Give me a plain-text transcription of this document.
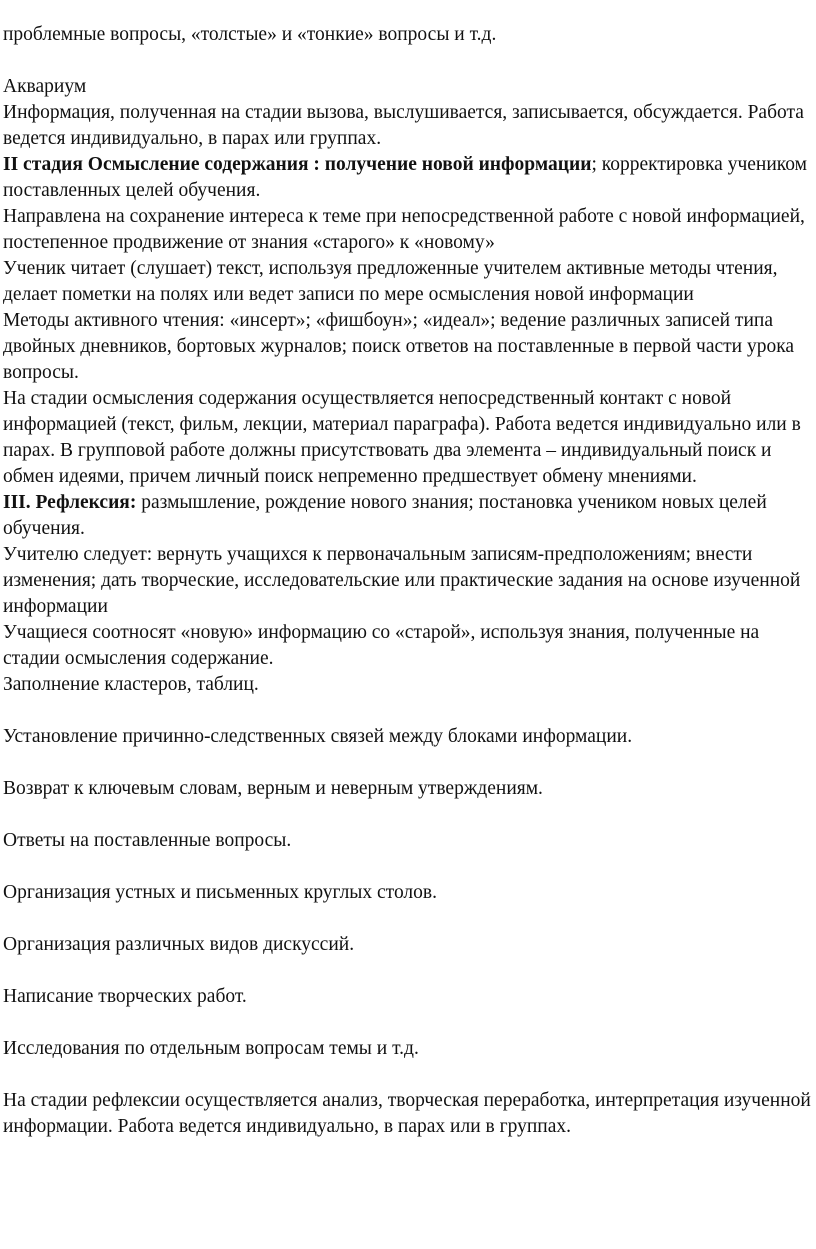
проблемные вопросы, «толстые» и «тонкие» вопросы и т.д.

Аквариум

Информация, полученная на стадии вызова, выслушивается, записывается, обсуждается. Работа ведется индивидуально, в парах или группах.

II стадия Осмысление содержания : получение новой информации; корректировка учеником поставленных целей обучения.

Направлена на сохранение интереса к теме при непосредственной работе с новой информацией, постепенное продвижение от знания «старого» к «новому»

Ученик читает (слушает) текст, используя предложенные учителем активные методы чтения, делает пометки на полях или ведет записи по мере осмысления новой информации

Методы активного чтения: «инсерт»; «фишбоун»; «идеал»; ведение различных записей типа двойных дневников, бортовых журналов; поиск ответов на поставленные в первой части урока вопросы.

На стадии осмысления содержания осуществляется непосредственный контакт с новой информацией (текст, фильм, лекции, материал параграфа). Работа ведется индивидуально или в парах. В групповой работе должны присутствовать два элемента – индивидуальный поиск и обмен идеями, причем личный поиск непременно предшествует обмену мнениями.

III. Рефлексия: размышление, рождение нового знания; постановка учеником новых целей обучения.

Учителю следует: вернуть учащихся к первоначальным записям-предположениям; внести изменения; дать творческие, исследовательские или практические задания на основе изученной информации

Учащиеся соотносят «новую» информацию со «старой», используя знания, полученные на стадии осмысления содержание.

Заполнение кластеров, таблиц.

Установление причинно-следственных связей между блоками информации.

Возврат к ключевым словам, верным и неверным утверждениям.

Ответы на поставленные вопросы.

Организация устных и письменных круглых столов.

Организация различных видов дискуссий.

Написание творческих работ.

Исследования по отдельным вопросам темы и т.д.

На стадии рефлексии осуществляется анализ, творческая переработка, интерпретация изученной информации. Работа ведется индивидуально, в парах или в группах.
